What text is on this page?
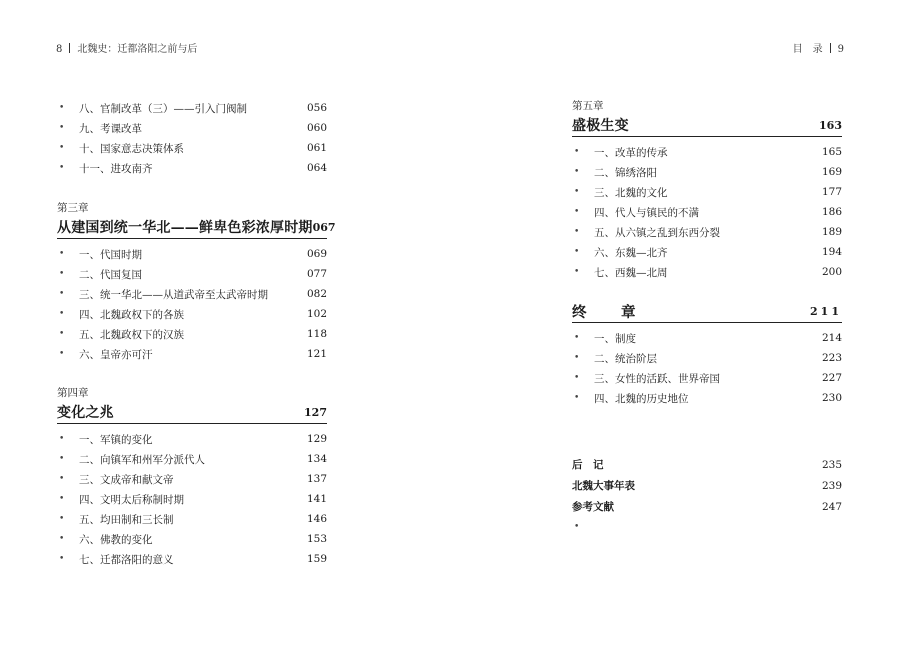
8 北魏史：迁都洛阳之前与后	目　录 9
•	八、官制改革（三）——引入门阀制	056
•	九、考课改革	060
•	十、国家意志决策体系	061
•	十一、进攻南齐	064
第三章
从建国到统一华北——鲜卑色彩浓厚时期 067
•	一、代国时期	069
•	二、代国复国	077
•	三、统一华北——从道武帝至太武帝时期	082
•	四、北魏政权下的各族	102
•	五、北魏政权下的汉族	118
•	六、皇帝亦可汗	121
第四章
变化之兆	127
•	一、军镇的变化	129
•	二、向镇军和州军分派代人	134
•	三、文成帝和献文帝	137
•	四、文明太后称制时期	141
•	五、均田制和三长制	146
•	六、佛教的变化	153
•	七、迁都洛阳的意义	159
第五章
盛极生变	163
•	一、改革的传承	165
•	二、锦绣洛阳	169
•	三、北魏的文化	177
•	四、代人与镇民的不满	186
•	五、从六镇之乱到东西分裂	189
•	六、东魏—北齐	194
•	七、西魏—北周	200
终　章	211
•	一、制度	214
•	二、统治阶层	223
•	三、女性的活跃、世界帝国	227
•	四、北魏的历史地位	230
后　记	235
北魏大事年表	239
参考文献	247
•
